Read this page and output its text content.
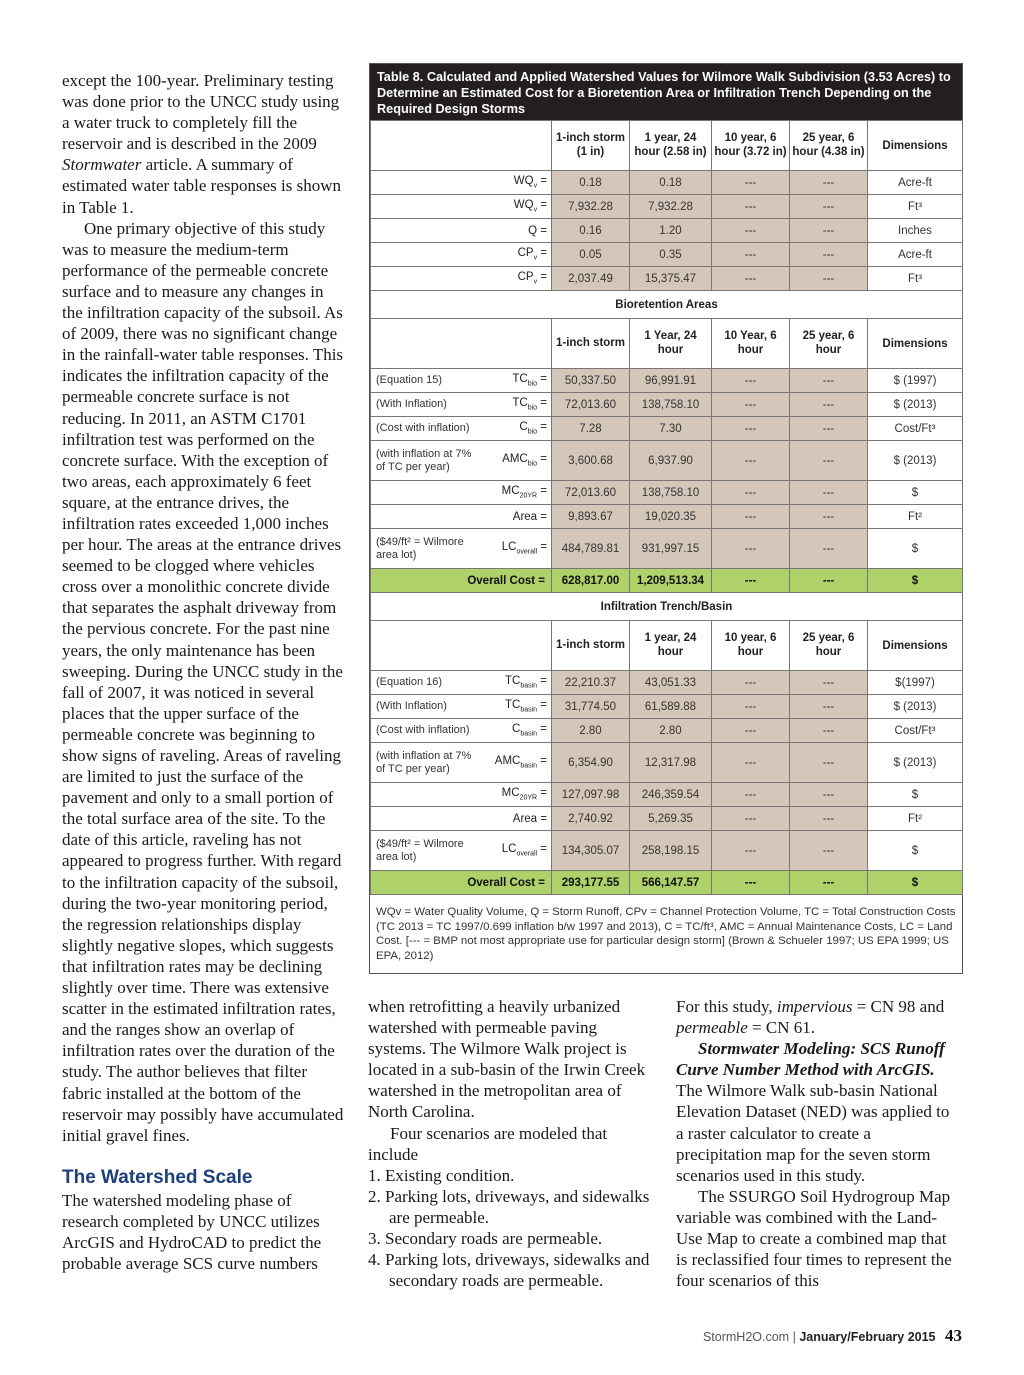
except the 100-year. Preliminary testing was done prior to the UNCC study using a water truck to completely fill the reservoir and is described in the 2009 Stormwater article. A summary of estimated water table responses is shown in Table 1.

One primary objective of this study was to measure the medium-term performance of the permeable concrete surface and to measure any changes in the infiltration capacity of the subsoil. As of 2009, there was no significant change in the rainfall-water table responses. This indicates the infiltration capacity of the permeable concrete surface is not reducing. In 2011, an ASTM C1701 infiltration test was performed on the concrete surface. With the exception of two areas, each approximately 6 feet square, at the entrance drives, the infiltration rates exceeded 1,000 inches per hour. The areas at the entrance drives seemed to be clogged where vehicles cross over a monolithic concrete divide that separates the asphalt driveway from the pervious concrete. For the past nine years, the only maintenance has been sweeping. During the UNCC study in the fall of 2007, it was noticed in several places that the upper surface of the permeable concrete was beginning to show signs of raveling. Areas of raveling are limited to just the surface of the pavement and only to a small portion of the total surface area of the site. To the date of this article, raveling has not appeared to progress further. With regard to the infiltration capacity of the subsoil, during the two-year monitoring period, the regression relationships display slightly negative slopes, which suggests that infiltration rates may be declining slightly over time. There was extensive scatter in the estimated infiltration rates, and the ranges show an overlap of infiltration rates over the duration of the study. The author believes that filter fabric installed at the bottom of the reservoir may possibly have accumulated initial gravel fines.

The Watershed Scale

The watershed modeling phase of research completed by UNCC utilizes ArcGIS and HydroCAD to predict the probable average SCS curve numbers

Table 8. Calculated and Applied Watershed Values for Wilmore Walk Subdivision (3.53 Acres) to Determine an Estimated Cost for a Bioretention Area or Infiltration Trench Depending on the Required Design Storms
		1-inch storm (1 in)	1 year, 24 hour (2.58 in)	10 year, 6 hour (3.72 in)	25 year, 6 hour (4.38 in)	Dimensions
	$WQ_v$ =	0.18	0.18	---	---	Acre-ft
	$WQ_v$ =	7,932.28	7,932.28	---	---	Ft³
	Q =	0.16	1.20	---	---	Inches
	$CP_v$ =	0.05	0.35	---	---	Acre-ft
	$CP_v$ =	2,037.49	15,375.47	---	---	Ft³
Bioretention Areas						
		1-inch storm	1 Year, 24 hour	10 Year, 6 hour	25 year, 6 hour	Dimensions
(Equation 15)	$TC_{bio}$ =	50,337.50	96,991.91	---	---	$ (1997)
(With Inflation)	$TC_{bio}$ =	72,013.60	138,758.10	---	---	$ (2013)
(Cost with inflation)	$C_{bio}$ =	7.28	7.30	---	---	Cost/Ft³
(with inflation at 7% of TC per year)	$AMC_{bio}$ =	3,600.68	6,937.90	---	---	$ (2013)
	$MC_{20YR}$ =	72,013.60	138,758.10	---	---	$
	Area =	9,893.67	19,020.35	---	---	Ft²
($49/ft² = Wilmore area lot)	$LC_{overall}$ =	484,789.81	931,997.15	---	---	$
Overall Cost =		628,817.00	1,209,513.34	---	---	$
Infiltration Trench/Basin						
		1-inch storm	1 year, 24 hour	10 year, 6 hour	25 year, 6 hour	Dimensions
(Equation 16)	$TC_{basin}$ =	22,210.37	43,051.33	---	---	$(1997)
(With Inflation)	$TC_{basin}$ =	31,774.50	61,589.88	---	---	$ (2013)
(Cost with inflation)	$C_{basin}$ =	2.80	2.80	---	---	Cost/Ft³
(with inflation at 7% of TC per year)	$AMC_{basin}$ =	6,354.90	12,317.98	---	---	$ (2013)
	$MC_{20YR}$ =	127,097.98	246,359.54	---	---	$
	Area =	2,740.92	5,269.35	---	---	Ft²
($49/ft² = Wilmore area lot)	$LC_{overall}$ =	134,305.07	258,198.15	---	---	$
Overall Cost =		293,177.55	566,147.57	---	---	$
WQv = Water Quality Volume, Q = Storm Runoff, CPv = Channel Protection Volume, TC = Total Construction Costs (TC 2013 = TC 1997/0.699 inflation b/w 1997 and 2013), C = TC/ft³, AMC = Annual Maintenance Costs, LC = Land Cost. [--- = BMP not most appropriate use for particular design storm] (Brown & Schueler 1997; US EPA 1999; US EPA, 2012)

when retrofitting a heavily urbanized watershed with permeable paving systems. The Wilmore Walk project is located in a sub-basin of the Irwin Creek watershed in the metropolitan area of North Carolina.

Four scenarios are modeled that include

1. Existing condition.
2. Parking lots, driveways, and sidewalks are permeable.
3. Secondary roads are permeable.
4. Parking lots, driveways, sidewalks and secondary roads are permeable.

For this study, impervious = CN 98 and permeable = CN 61.

Stormwater Modeling: SCS Runoff Curve Number Method with ArcGIS. The Wilmore Walk sub-basin National Elevation Dataset (NED) was applied to a raster calculator to create a precipitation map for the seven storm scenarios used in this study.

The SSURGO Soil Hydrogroup Map variable was combined with the Land-Use Map to create a combined map that is reclassified four times to represent the four scenarios of this

StormH2O.com | January/February 2015 43
